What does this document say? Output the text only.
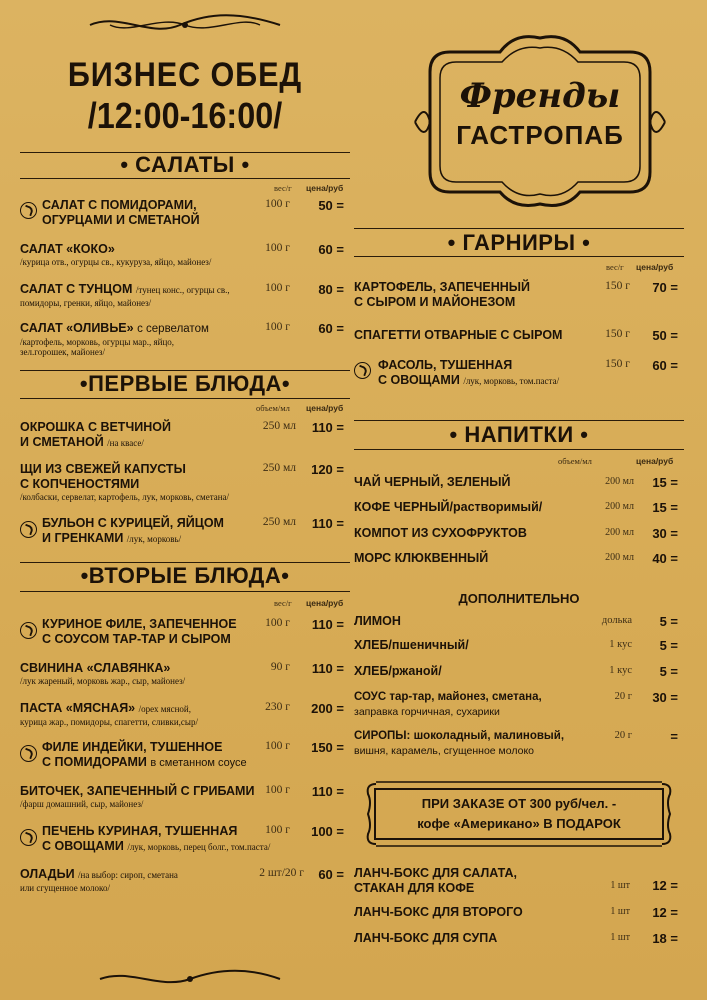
БИЗНЕС ОБЕД
/12:00-16:00/
• САЛАТЫ •
вес/г цена/руб
САЛАТ С ПОМИДОРАМИ,
ОГУРЦАМИ И СМЕТАНОЙ
100 г 50 =
САЛАТ «КОКО»
/курица отв., огурцы св., кукуруза, яйцо, майонез/
100 г 60 =
САЛАТ С ТУНЦОМ /тунец конс., огурцы св.,
помидоры, гренки, яйцо, майонез/
100 г 80 =
САЛАТ «ОЛИВЬЕ» с сервелатом
/картофель, морковь, огурцы мар., яйцо,
зел.горошек, майонез/
100 г 60 =
•ПЕРВЫЕ БЛЮДА•
объем/мл цена/руб
ОКРОШКА С ВЕТЧИНОЙ
И СМЕТАНОЙ /на квасе/
250 мл 110 =
ЩИ ИЗ СВЕЖЕЙ КАПУСТЫ
С КОПЧЕНОСТЯМИ
/колбаски, сервелат, картофель, лук, морковь, сметана/
250 мл 120 =
БУЛЬОН С КУРИЦЕЙ, ЯЙЦОМ
И ГРЕНКАМИ /лук, морковь/
250 мл 110 =
•ВТОРЫЕ БЛЮДА•
вес/г цена/руб
КУРИНОЕ ФИЛЕ, ЗАПЕЧЕННОЕ
С СОУСОМ ТАР-ТАР И СЫРОМ
100 г 110 =
СВИНИНА «СЛАВЯНКА»
/лук жареный, морковь жар., сыр, майонез/
90 г 110 =
ПАСТА «МЯСНАЯ» /орех мясной,
курица жар., помидоры, спагетти, сливки,сыр/
230 г 200 =
ФИЛЕ ИНДЕЙКИ, ТУШЕННОЕ
С ПОМИДОРАМИ в сметанном соусе
100 г 150 =
БИТОЧЕК, ЗАПЕЧЕННЫЙ С ГРИБАМИ
/фарш домашний, сыр, майонез/
100 г 110 =
ПЕЧЕНЬ КУРИНАЯ, ТУШЕННАЯ
С ОВОЩАМИ /лук, морковь, перец болг., том.паста/
100 г 100 =
ОЛАДЬИ /на выбор: сироп, сметана
или сгущенное молоко/
2 шт/20 г 60 =
Френды
ГАСТРОПАБ
• ГАРНИРЫ •
вес/г цена/руб
КАРТОФЕЛЬ, ЗАПЕЧЕННЫЙ
С СЫРОМ И МАЙОНЕЗОМ
150 г 70 =
СПАГЕТТИ ОТВАРНЫЕ С СЫРОМ	150 г 50 =
ФАСОЛЬ, ТУШЕННАЯ
С ОВОЩАМИ /лук, морковь, том.паста/
150 г 60 =
• НАПИТКИ •
объем/мл	цена/руб
ЧАЙ ЧЕРНЫЙ, ЗЕЛЕНЫЙ	200 мл 15 =
КОФЕ ЧЕРНЫЙ/растворимый/	200 мл 15 =
КОМПОТ ИЗ СУХОФРУКТОВ	200 мл 30 =
МОРС КЛЮКВЕННЫЙ	200 мл 40 =
ДОПОЛНИТЕЛЬНО
ЛИМОН	долька 5 =
ХЛЕБ/пшеничный/	1 кус 5 =
ХЛЕБ/ржаной/	1 кус 5 =
СОУС тар-тар, майонез, сметана,
заправка горчичная, сухарики
20 г 30 =
СИРОПЫ: шоколадный, малиновый,
вишня, карамель, сгущенное молоко
20 г	=
ПРИ ЗАКАЗЕ ОТ 300 руб/чел. -
кофе «Американо» В ПОДАРОК
ЛАНЧ-БОКС ДЛЯ САЛАТА,
СТАКАН ДЛЯ КОФЕ	1 шт 12 =
ЛАНЧ-БОКС ДЛЯ ВТОРОГО	1 шт 12 =
ЛАНЧ-БОКС ДЛЯ СУПА	1 шт 18 =
